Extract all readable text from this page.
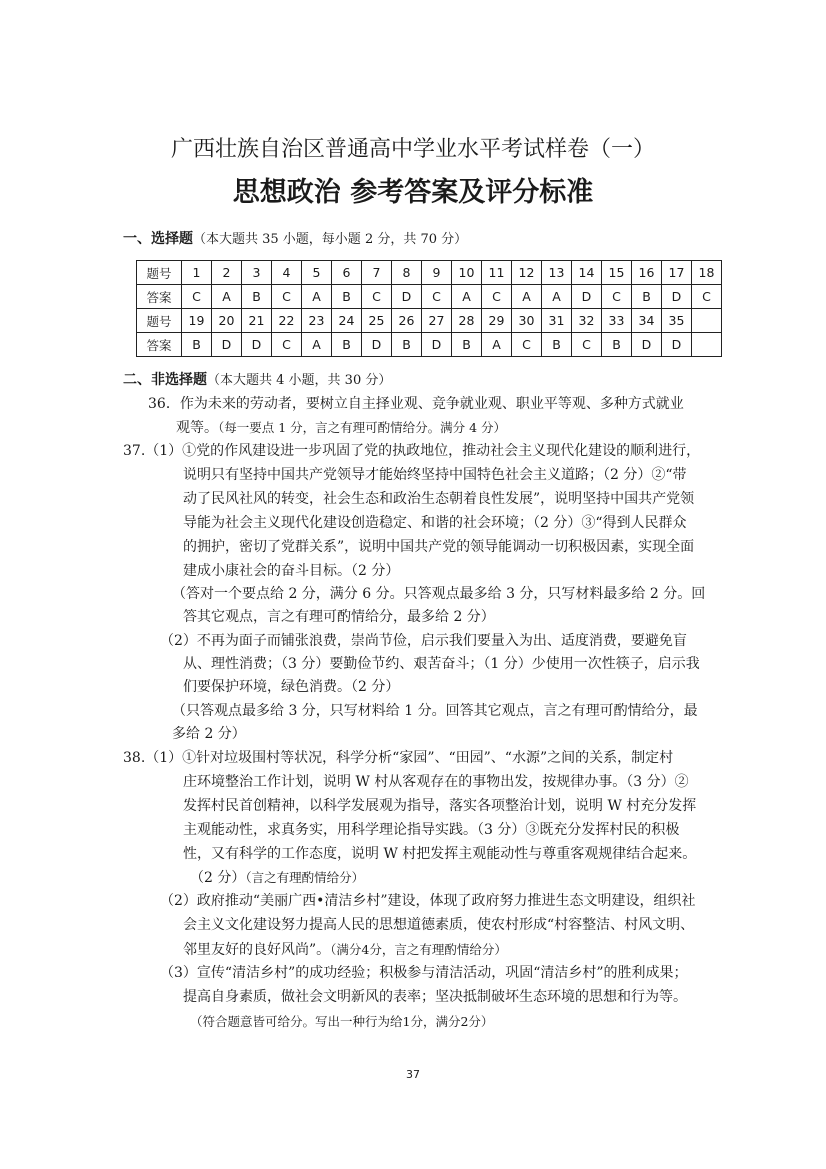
广西壮族自治区普通高中学业水平考试样卷（一）
思想政治 参考答案及评分标准
一、选择题（本大题共 35 小题，每小题 2 分，共 70 分）
题号	1	2	3	4	5	6	7	8	9	10	11	12	13	14	15	16	17	18
答案	C	A	B	C	A	B	C	D	C	A	C	A	A	D	C	B	D	C
题号	19	20	21	22	23	24	25	26	27	28	29	30	31	32	33	34	35	
答案	B	D	D	C	A	B	D	B	D	B	A	C	B	C	B	D	D	
二、非选择题（本大题共 4 小题，共 30 分）
36．作为未来的劳动者，要树立自主择业观、竞争就业观、职业平等观、多种方式就业
观等。（每一要点 1 分，言之有理可酌情给分。满分 4 分）
37.（1）①党的作风建设进一步巩固了党的执政地位，推动社会主义现代化建设的顺利进行，
说明只有坚持中国共产党领导才能始终坚持中国特色社会主义道路；（2 分）②“带
动了民风社风的转变，社会生态和政治生态朝着良性发展”，说明坚持中国共产党领
导能为社会主义现代化建设创造稳定、和谐的社会环境；（2 分）③“得到人民群众
的拥护，密切了党群关系”，说明中国共产党的领导能调动一切积极因素，实现全面
建成小康社会的奋斗目标。（2 分）
（答对一个要点给 2 分，满分 6 分。只答观点最多给 3 分，只写材料最多给 2 分。回
答其它观点，言之有理可酌情给分，最多给 2 分）
（2）不再为面子而铺张浪费，崇尚节俭，启示我们要量入为出、适度消费，要避免盲
从、理性消费；（3 分）要勤俭节约、艰苦奋斗；（1 分）少使用一次性筷子，启示我
们要保护环境，绿色消费。（2 分）
（只答观点最多给 3 分，只写材料给 1 分。回答其它观点，言之有理可酌情给分，最
多给 2 分）
38.（1）①针对垃圾围村等状况，科学分析“家园”、“田园”、“水源”之间的关系，制定村
庄环境整治工作计划，说明 W 村从客观存在的事物出发，按规律办事。（3 分）②
发挥村民首创精神，以科学发展观为指导，落实各项整治计划，说明 W 村充分发挥
主观能动性，求真务实，用科学理论指导实践。（3 分）③既充分发挥村民的积极
性，又有科学的工作态度，说明 W 村把发挥主观能动性与尊重客观规律结合起来。
（2 分）（言之有理酌情给分）
（2）政府推动“美丽广西•清洁乡村”建设，体现了政府努力推进生态文明建设，组织社
会主义文化建设努力提高人民的思想道德素质，使农村形成“村容整洁、村风文明、
邻里友好的良好风尚”。（满分4分，言之有理酌情给分）
（3）宣传“清洁乡村”的成功经验；积极参与清洁活动，巩固“清洁乡村”的胜利成果；
提高自身素质，做社会文明新风的表率；坚决抵制破坏生态环境的思想和行为等。
（符合题意皆可给分。写出一种行为给1分，满分2分）
37
